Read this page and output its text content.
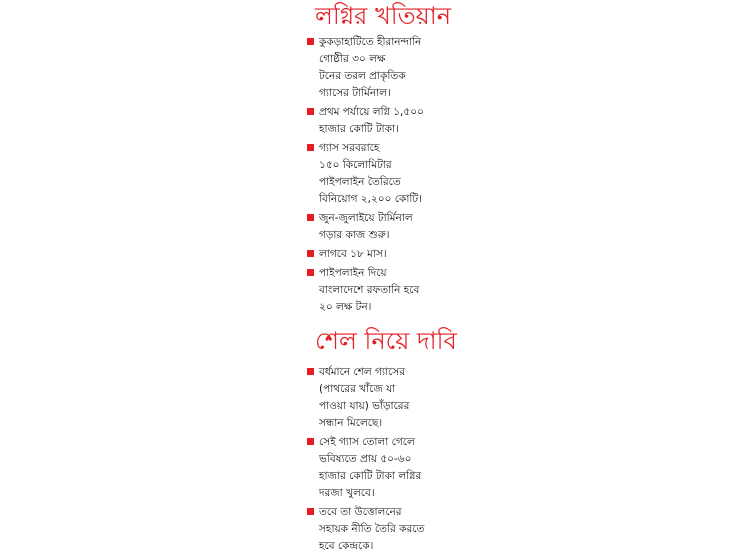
লগ্নির খতিয়ান
কুকড়াহাটিতে হীরানন্দানি
গোষ্ঠীর ৩০ লক্ষ
টনের তরল প্রাকৃতিক
গ্যাসের টার্মিনাল।
প্রথম পর্যায়ে লগ্নি ১,৫০০
হাজার কোটি টাকা।
গ্যাস সরবরাহে
১৫০ কিলোমিটার
পাইপলাইন তৈরিতে
বিনিয়োগ ২,২০০ কোটি।
জুন-জুলাইয়ে টার্মিনাল
গড়ার কাজ শুরু।
লাগবে ১৮ মাস।
পাইপলাইন দিয়ে
বাংলাদেশে রফতানি হবে
২০ লক্ষ টন।
শেল নিয়ে দাবি
বর্ধমানে শেল গ্যাসের
(পাথরের খাঁজে যা
পাওয়া যায়) ভাঁড়ারের
সন্ধান মিলেছে।
সেই গ্যাস তোলা গেলে
ভবিষ্যতে প্রায় ৫০-৬০
হাজার কোটি টাকা লগ্নির
দরজা খুলবে।
তবে তা উত্তোলনের
সহায়ক নীতি তৈরি করতে
হবে কেন্দ্রকে।
